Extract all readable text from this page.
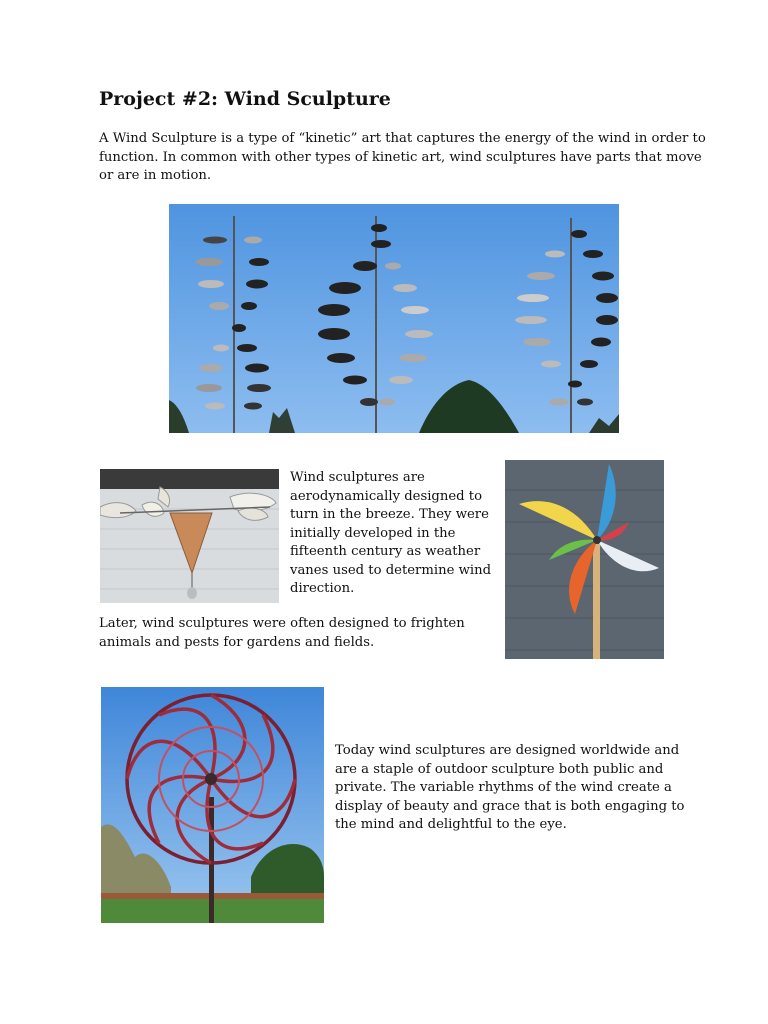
Project #2: Wind Sculpture
A Wind Sculpture is a type of “kinetic” art that captures the energy of the wind in order to
function. In common with other types of kinetic art, wind sculptures have parts that move
or are in motion.
Wind sculptures are
aerodynamically designed to
turn in the breeze. They were
initially developed in the
fifteenth century as weather
vanes used to determine wind
direction.
Later, wind sculptures were often designed to frighten
animals and pests for gardens and fields.
Today wind sculptures are designed worldwide and
are a staple of outdoor sculpture both public and
private. The variable rhythms of the wind create a
display of beauty and grace that is both engaging to
the mind and delightful to the eye.
